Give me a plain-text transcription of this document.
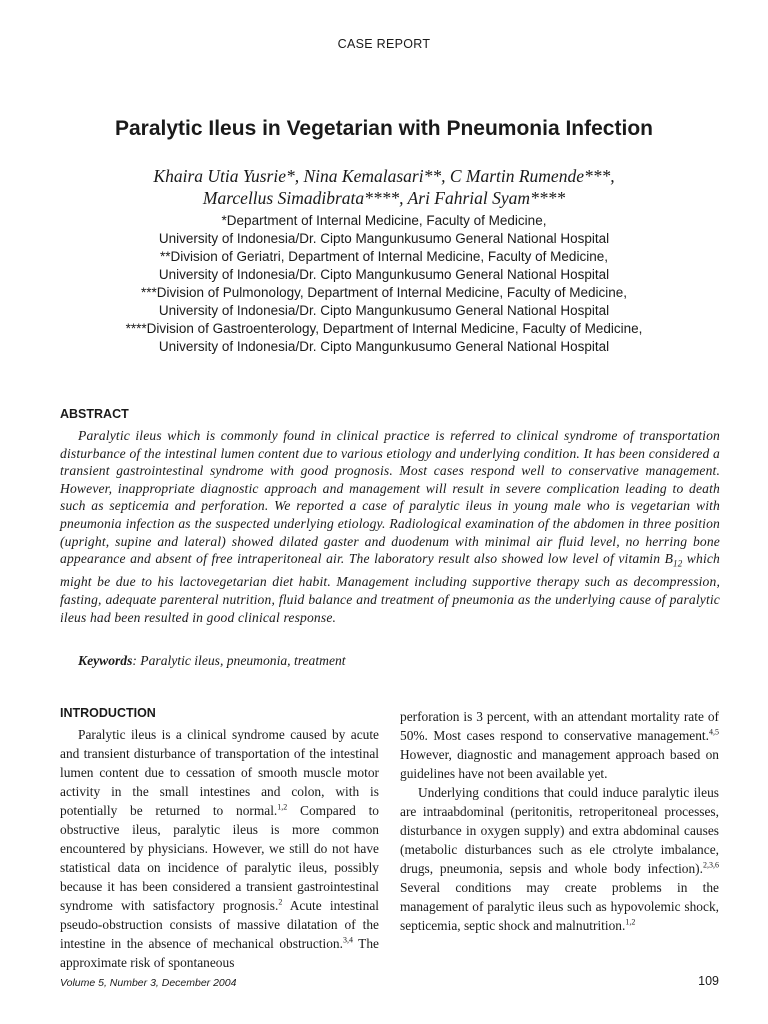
CASE REPORT
Paralytic Ileus in Vegetarian with Pneumonia Infection
Khaira Utia Yusrie*, Nina Kemalasari**, C Martin Rumende***,
Marcellus Simadibrata****, Ari Fahrial Syam****
*Department of Internal Medicine, Faculty of Medicine,
University of Indonesia/Dr. Cipto Mangunkusumo General National Hospital
**Division of Geriatri, Department of Internal Medicine, Faculty of Medicine,
University of Indonesia/Dr. Cipto Mangunkusumo General National Hospital
***Division of Pulmonology, Department of Internal Medicine, Faculty of Medicine,
University of Indonesia/Dr. Cipto Mangunkusumo General National Hospital
****Division of Gastroenterology, Department of Internal Medicine, Faculty of Medicine,
University of Indonesia/Dr. Cipto Mangunkusumo General National Hospital
ABSTRACT

Paralytic ileus which is commonly found in clinical practice is referred to clinical syndrome of transportation disturbance of the intestinal lumen content due to various etiology and underlying condition. It has been considered a transient gastrointestinal syndrome with good prognosis. Most cases respond well to conservative management. However, inappropriate diagnostic approach and management will result in severe complication leading to death such as septicemia and perforation. We reported a case of paralytic ileus in young male who is vegetarian with pneumonia infection as the suspected underlying etiology. Radiological examination of the abdomen in three position (upright, supine and lateral) showed dilated gaster and duodenum with minimal air fluid level, no herring bone appearance and absent of free intraperitoneal air. The laboratory result also showed low level of vitamin $B_{12}$ which might be due to his lactovegetarian diet habit. Management including supportive therapy such as decompression, fasting, adequate parenteral nutrition, fluid balance and treatment of pneumonia as the underlying cause of paralytic ileus had been resulted in good clinical response.

Keywords: Paralytic ileus, pneumonia, treatment
INTRODUCTION

Paralytic ileus is a clinical syndrome caused by acute and transient disturbance of transportation of the intestinal lumen content due to cessation of smooth muscle motor activity in the small intestines and colon, with is potentially be returned to normal.$^{1,2}$ Compared to obstructive ileus, paralytic ileus is more common encountered by physicians. However, we still do not have statistical data on incidence of paralytic ileus, possibly because it has been considered a transient gastrointestinal syndrome with satisfactory prognosis.$^2$ Acute intestinal pseudo-obstruction consists of massive dilatation of the intestine in the absence of mechanical obstruction.$^{3,4}$ The approximate risk of spontaneous

perforation is 3 percent, with an attendant mortality rate of 50%. Most cases respond to conservative management.$^{4,5}$ However, diagnostic and management approach based on guidelines have not been available yet.

Underlying conditions that could induce paralytic ileus are intraabdominal (peritonitis, retroperitoneal processes, disturbance in oxygen supply) and extra abdominal causes (metabolic disturbances such as ele ctrolyte imbalance, drugs, pneumonia, sepsis and whole body infection).$^{2,3,6}$ Several conditions may create problems in the management of paralytic ileus such as hypovolemic shock, septicemia, septic shock and malnutrition.$^{1,2}$

Volume 5, Number 3, December 2004	109
